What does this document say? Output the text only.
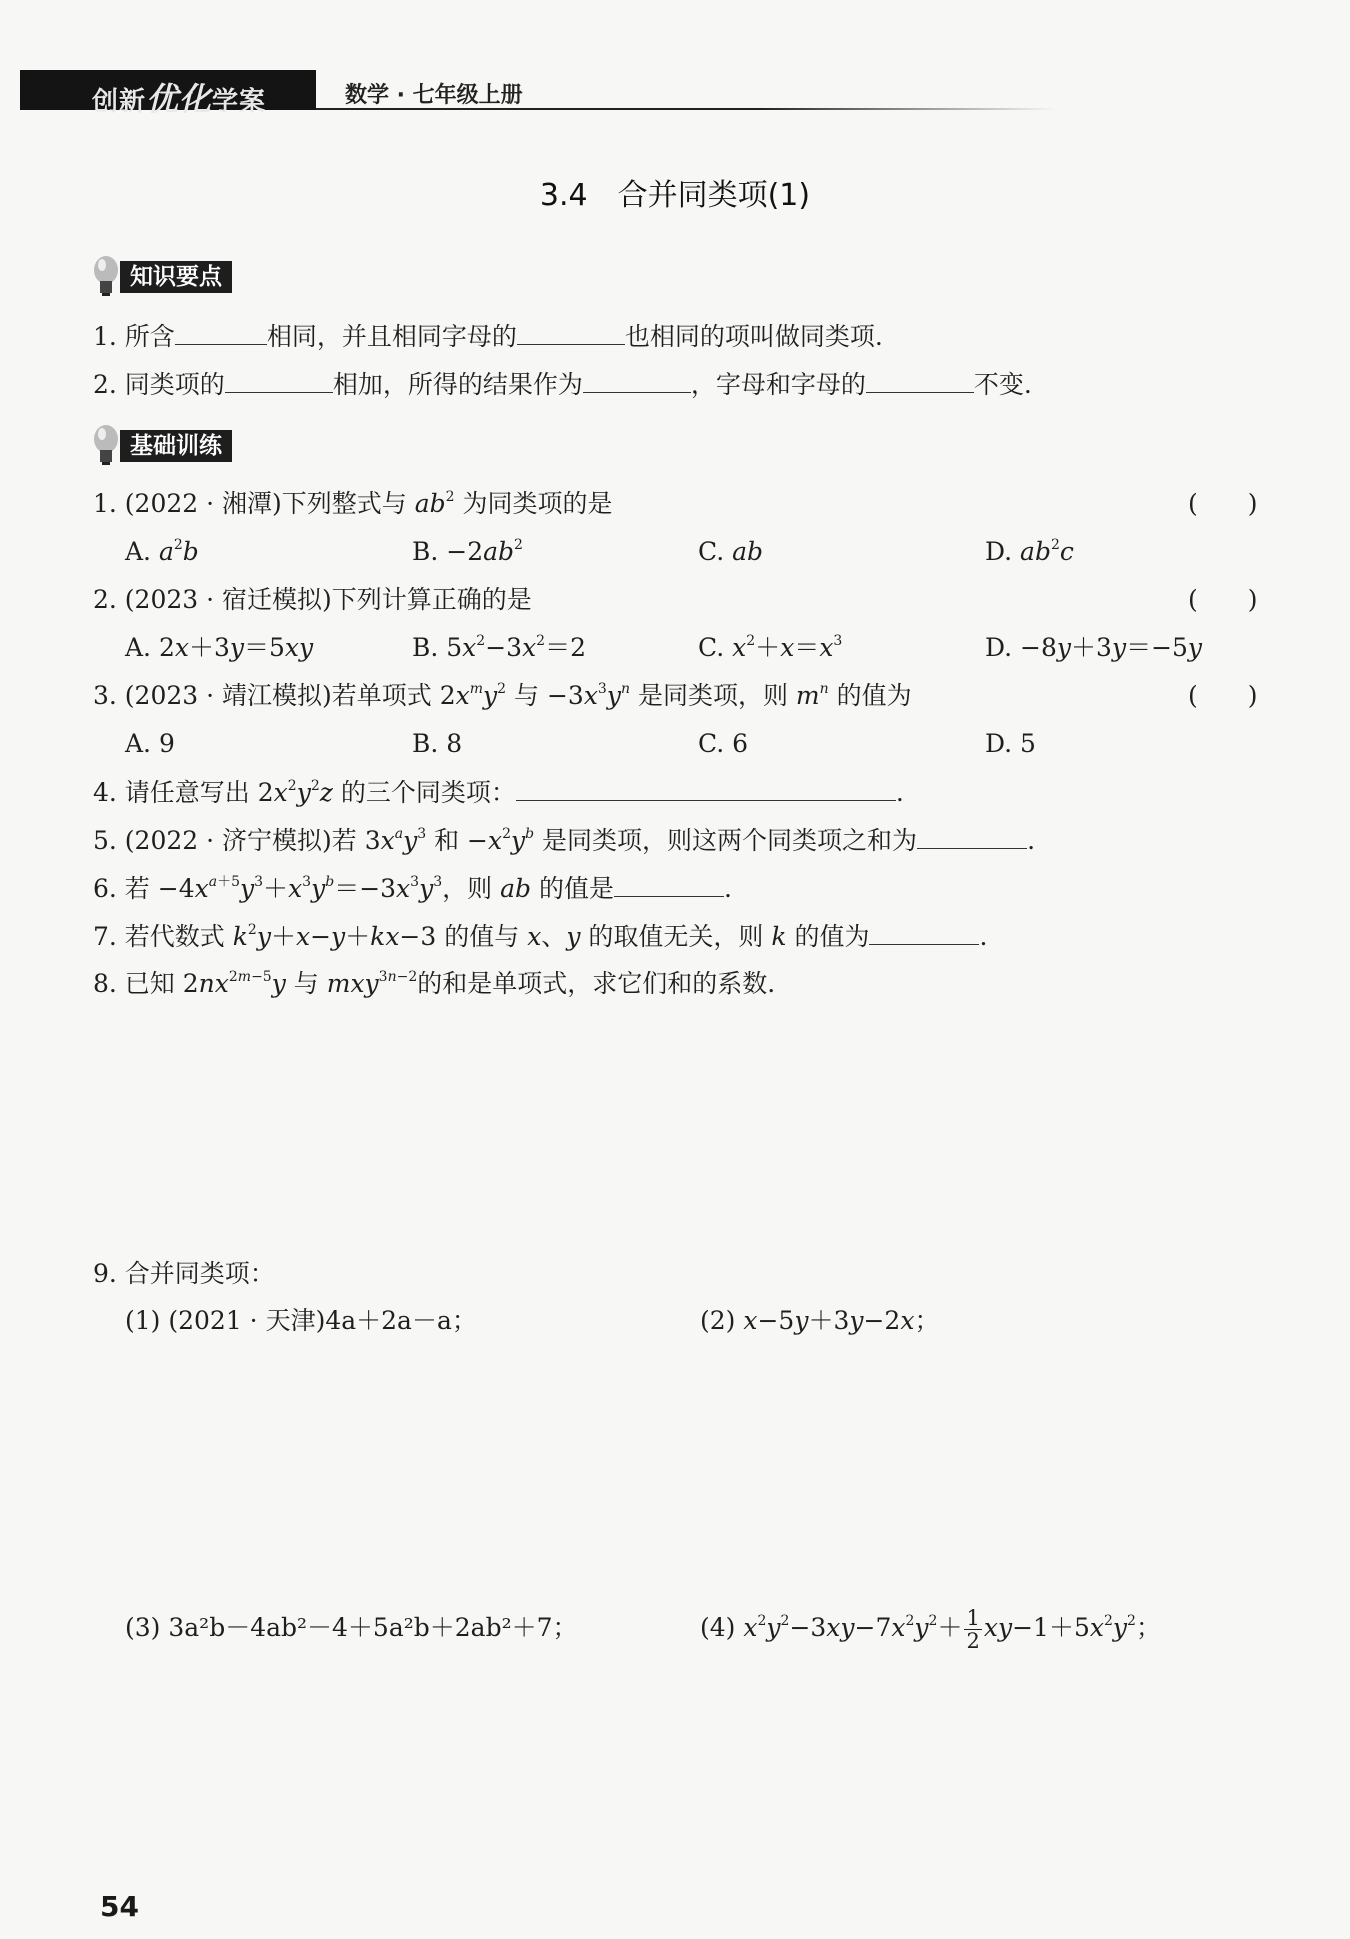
创新优化学案	数学 · 七年级上册
3.4　合并同类项(1)
知识要点
1. 所含	相同，并且相同字母的	也相同的项叫做同类项.
2. 同类项的	相加，所得的结果作为	，字母和字母的	不变.
基础训练
1. (2022 · 湘潭)下列整式与 $ab^2$ 为同类项的是	(　　)
A. $a^2b$	B. $-2ab^2$	C. ab	D. $ab^2c$
2. (2023 · 宿迁模拟)下列计算正确的是	(　　)
A. 2x＋3y＝5xy	B. $5x^2-3x^2=2$	C. $x^2+x=x^3$	D. −8y＋3y＝−5y
3. (2023 · 靖江模拟)若单项式 $2x^my^2$ 与 $-3x^3y^n$ 是同类项，则 $m^n$ 的值为	(　　)
A. 9	B. 8	C. 6	D. 5
4. 请任意写出 $2x^2y^2z$ 的三个同类项：	.
5. (2022 · 济宁模拟)若 $3x^ay^3$ 和 $-x^2y^b$ 是同类项，则这两个同类项之和为	.
6. 若 $-4x^{a+5}y^3+x^3y^b=-3x^3y^3$，则 ab 的值是	.
7. 若代数式 $k^2y+x-y+kx-3$ 的值与 x、y 的取值无关，则 k 的值为	.
8. 已知 $2nx^{2m-5}y$ 与 mxy$^{3n-2}$的和是单项式，求它们和的系数.
9. 合并同类项：
(1) (2021 · 天津)4a＋2a－a；	(2) x−5y＋3y−2x；
(3) 3a²b－4ab²－4＋5a²b＋2ab²＋7；	(4) $x^2y^2-3xy-7x^2y^2+ \frac{1}{2} xy-1+5x^2y^2$；
54
